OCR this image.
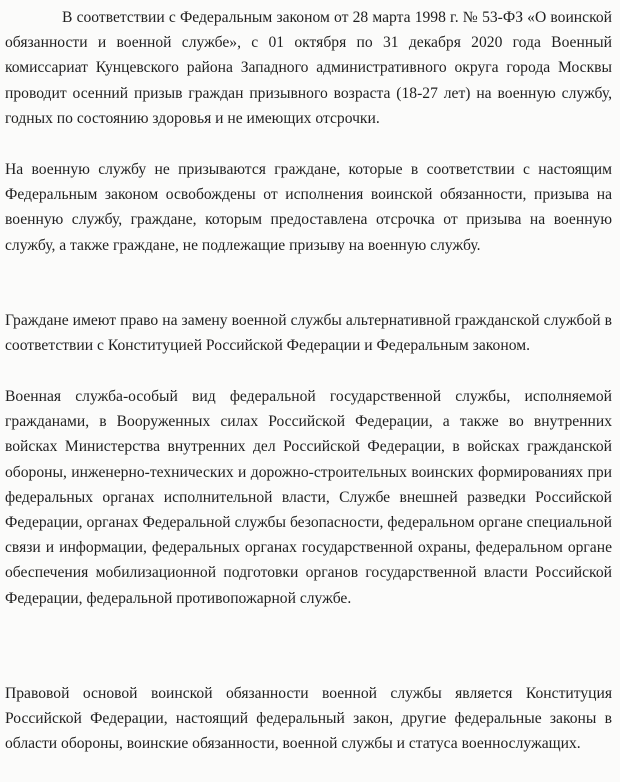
В соответствии с Федеральным законом от 28 марта 1998 г. № 53-ФЗ «О воинской обязанности и военной службе», с 01 октября по 31 декабря 2020 года Военный комиссариат Кунцевского района Западного административного округа города Москвы проводит осенний призыв граждан призывного возраста (18-27 лет) на военную службу, годных по состоянию здоровья и не имеющих отсрочки.

На военную службу не призываются граждане, которые в соответствии с настоящим Федеральным законом освобождены от исполнения воинской обязанности, призыва на военную службу, граждане, которым предоставлена отсрочка от призыва на военную службу, а также граждане, не подлежащие призыву на военную службу.

Граждане имеют право на замену военной службы альтернативной гражданской службой в соответствии с Конституцией Российской Федерации и Федеральным законом.

Военная служба-особый вид федеральной государственной службы, исполняемой гражданами, в Вооруженных силах Российской Федерации, а также во внутренних войсках Министерства внутренних дел Российской Федерации, в войсках гражданской обороны, инженерно-технических и дорожно-строительных воинских формированиях при федеральных органах исполнительной власти, Службе внешней разведки Российской Федерации, органах Федеральной службы безопасности, федеральном органе специальной связи и информации, федеральных органах государственной охраны, федеральном органе обеспечения мобилизационной подготовки органов государственной власти Российской Федерации, федеральной противопожарной службе.

Правовой основой воинской обязанности военной службы является Конституция Российской Федерации, настоящий федеральный закон, другие федеральные законы в области обороны, воинские обязанности, военной службы и статуса военнослужащих.
